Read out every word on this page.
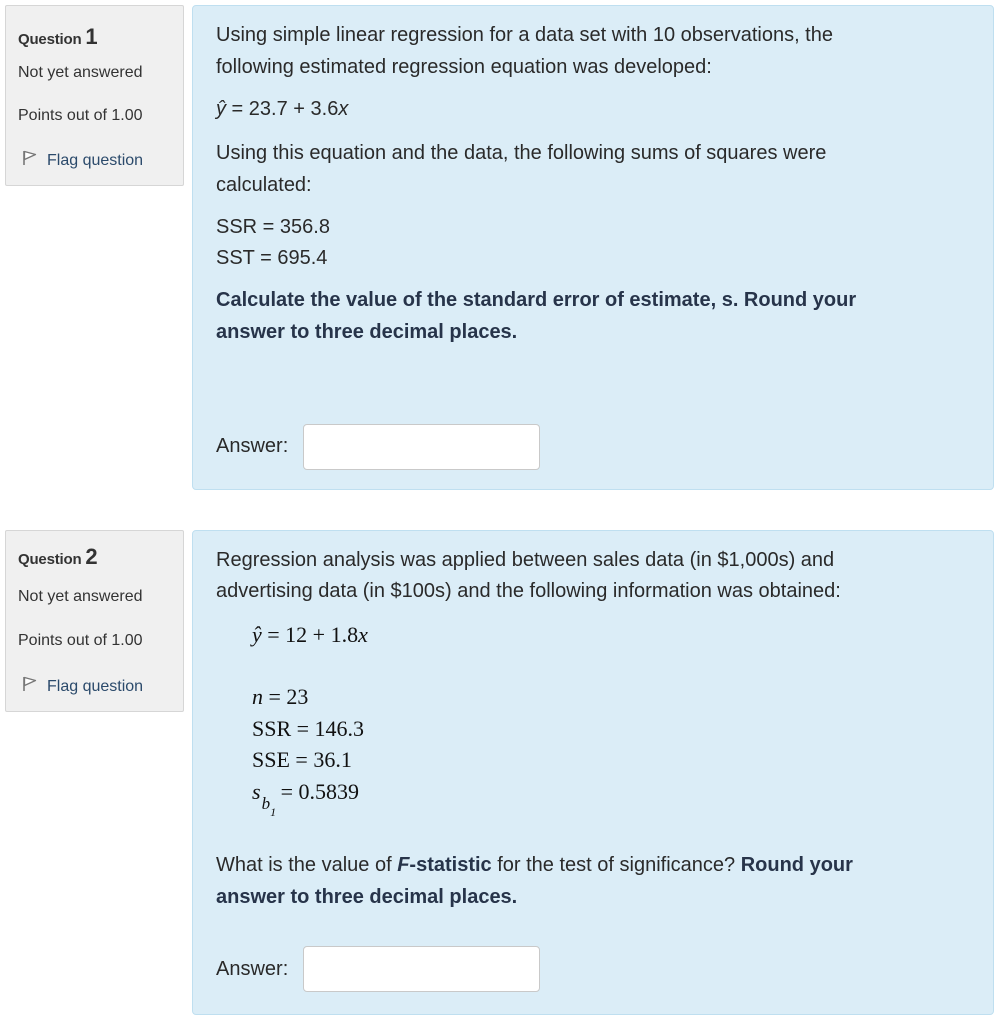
Question 1
Not yet answered
Points out of 1.00
Flag question
Using simple linear regression for a data set with 10 observations, the
following estimated regression equation was developed:
ŷ = 23.7 + 3.6x
Using this equation and the data, the following sums of squares were
calculated:
SSR = 356.8
SST = 695.4
Calculate the value of the standard error of estimate, s. Round your
answer to three decimal places.
Answer:
Question 2
Not yet answered
Points out of 1.00
Flag question
Regression analysis was applied between sales data (in $1,000s) and
advertising data (in $100s) and the following information was obtained:
ŷ = 12 + 1.8x
n = 23
SSR = 146.3
SSE = 36.1
$s_{b_1} = 0.5839$
What is the value of F-statistic for the test of significance? Round your
answer to three decimal places.
Answer:
